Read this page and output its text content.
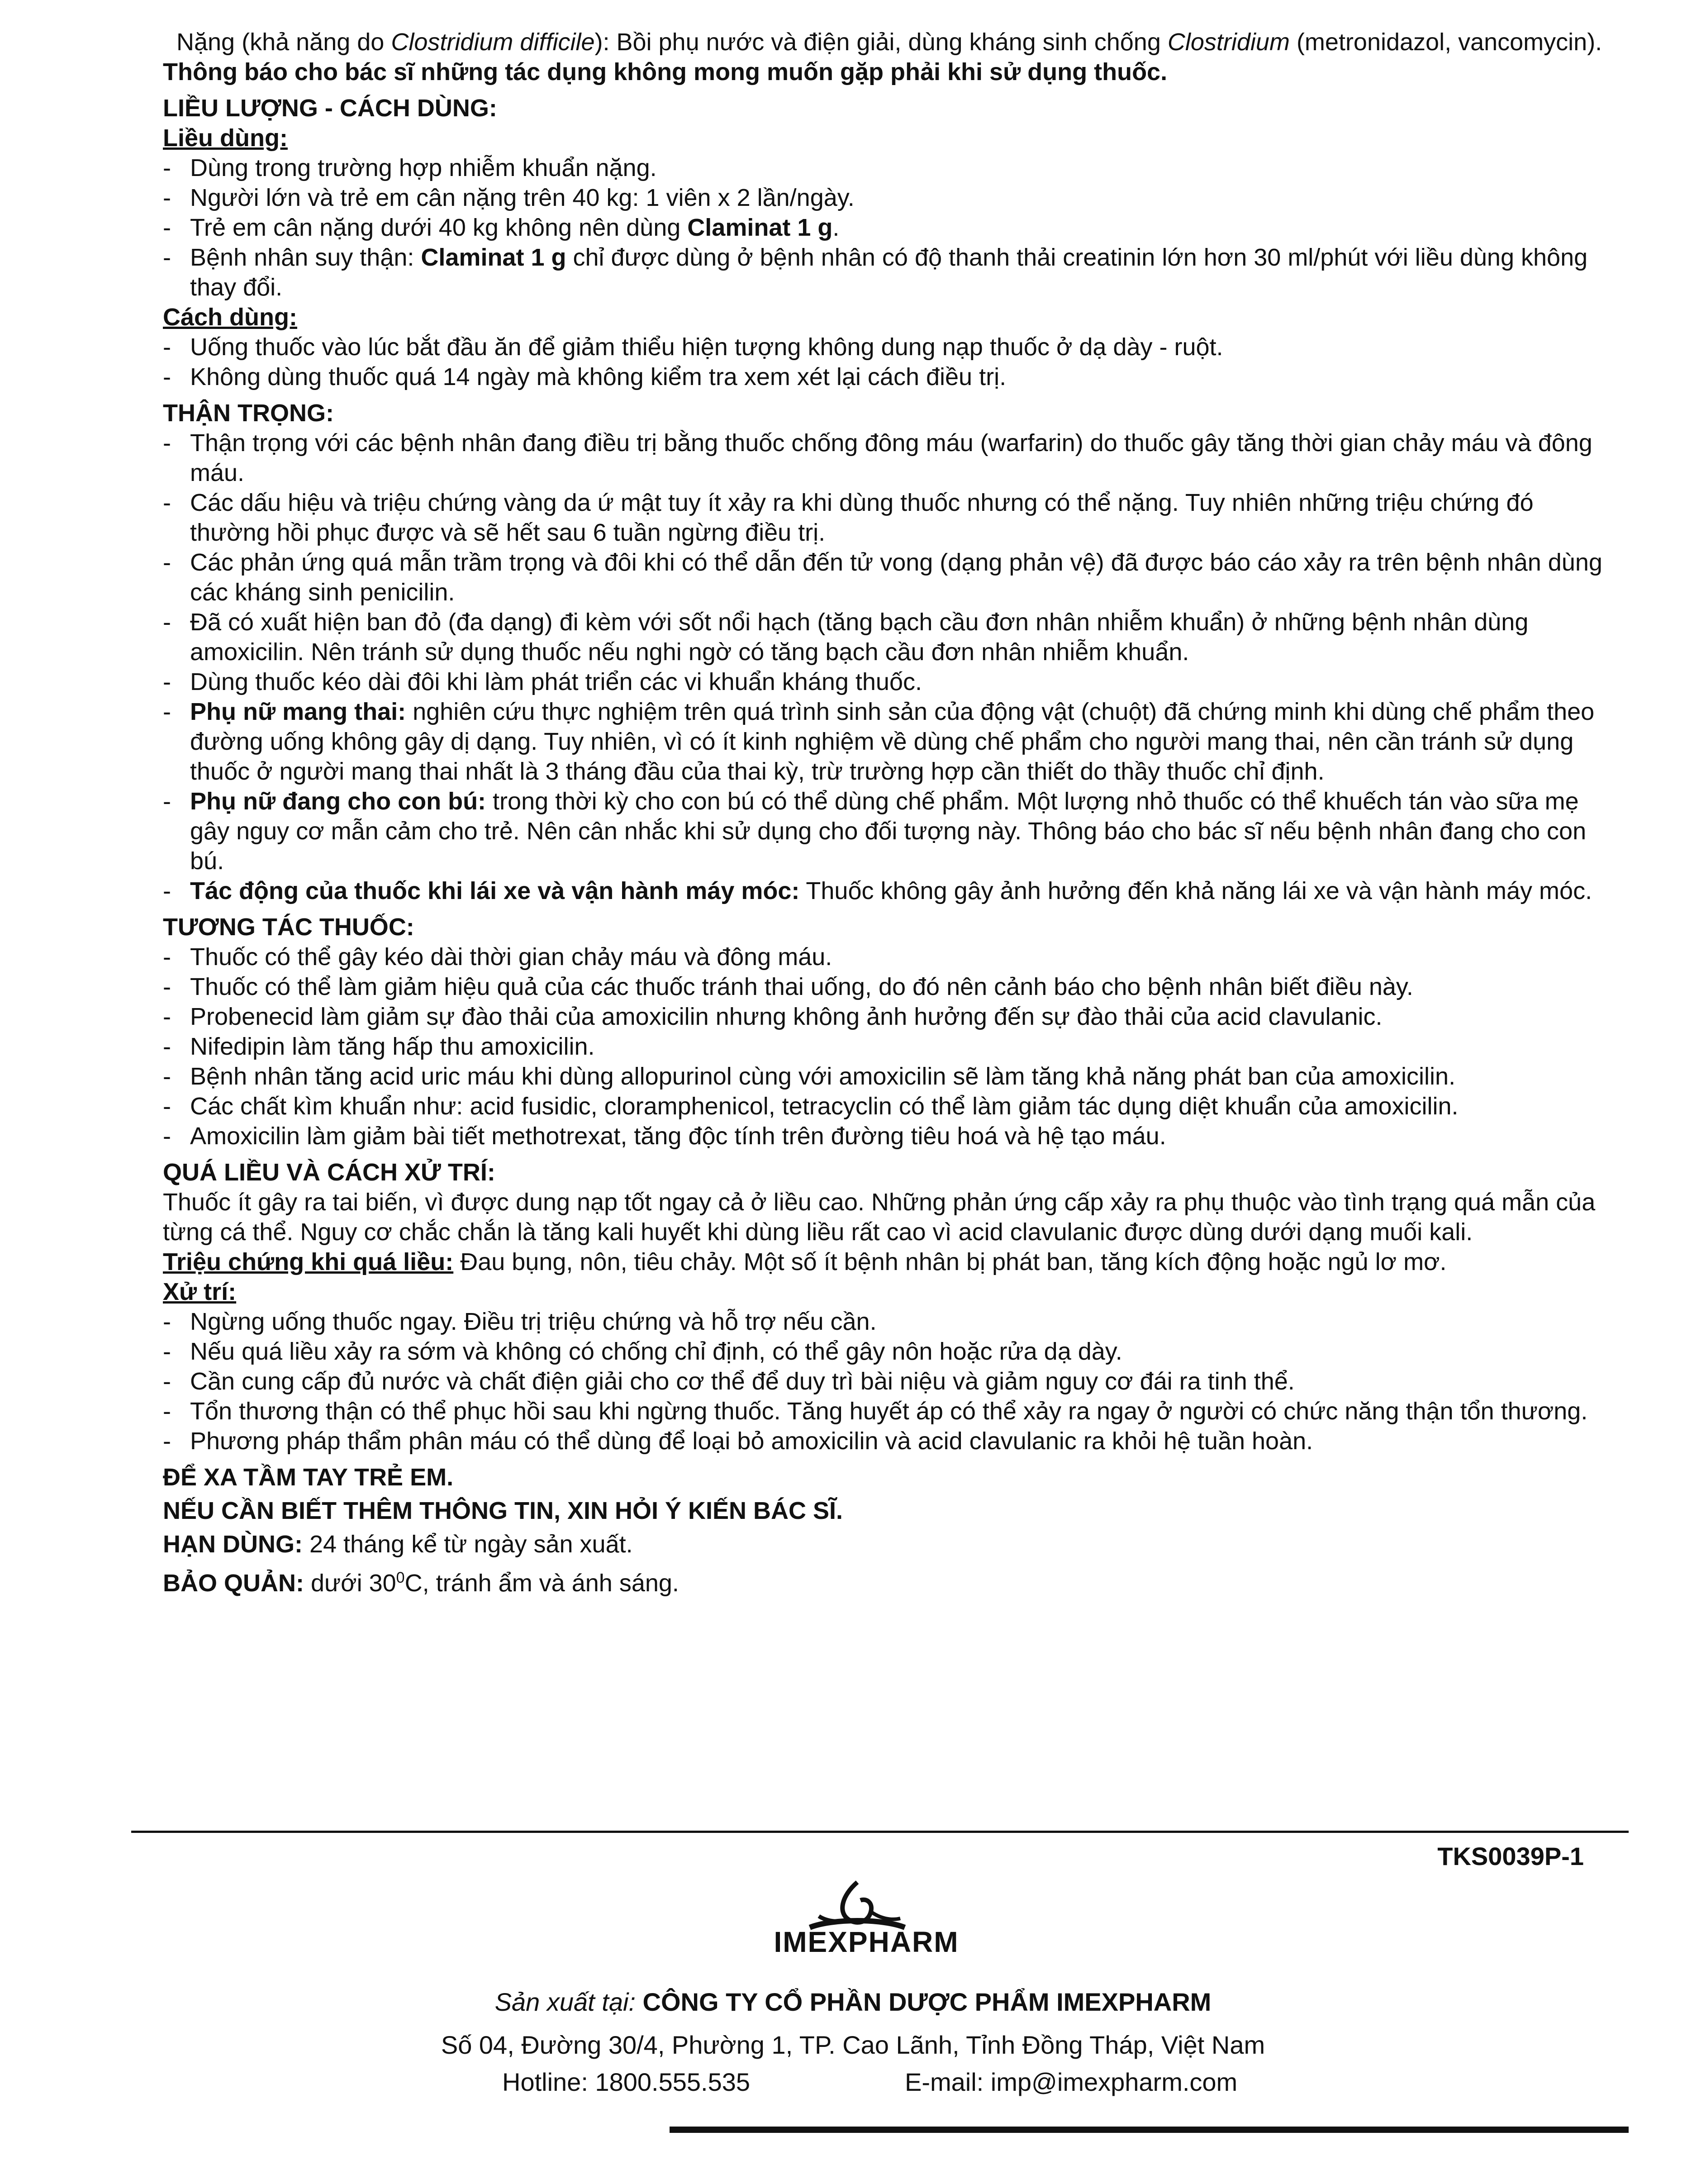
Nặng (khả năng do Clostridium difficile): Bồi phụ nước và điện giải, dùng kháng sinh chống Clostridium (metronidazol, vancomycin).

Thông báo cho bác sĩ những tác dụng không mong muốn gặp phải khi sử dụng thuốc.

LIỀU LƯỢNG - CÁCH DÙNG:

Liều dùng:

- Dùng trong trường hợp nhiễm khuẩn nặng.
- Người lớn và trẻ em cân nặng trên 40 kg: 1 viên x 2 lần/ngày.
- Trẻ em cân nặng dưới 40 kg không nên dùng Claminat 1 g.
- Bệnh nhân suy thận: Claminat 1 g chỉ được dùng ở bệnh nhân có độ thanh thải creatinin lớn hơn 30 ml/phút với liều dùng không thay đổi.

Cách dùng:

- Uống thuốc vào lúc bắt đầu ăn để giảm thiểu hiện tượng không dung nạp thuốc ở dạ dày - ruột.
- Không dùng thuốc quá 14 ngày mà không kiểm tra xem xét lại cách điều trị.

THẬN TRỌNG:

- Thận trọng với các bệnh nhân đang điều trị bằng thuốc chống đông máu (warfarin) do thuốc gây tăng thời gian chảy máu và đông máu.
- Các dấu hiệu và triệu chứng vàng da ứ mật tuy ít xảy ra khi dùng thuốc nhưng có thể nặng. Tuy nhiên những triệu chứng đó thường hồi phục được và sẽ hết sau 6 tuần ngừng điều trị.
- Các phản ứng quá mẫn trầm trọng và đôi khi có thể dẫn đến tử vong (dạng phản vệ) đã được báo cáo xảy ra trên bệnh nhân dùng các kháng sinh penicilin.
- Đã có xuất hiện ban đỏ (đa dạng) đi kèm với sốt nổi hạch (tăng bạch cầu đơn nhân nhiễm khuẩn) ở những bệnh nhân dùng amoxicilin. Nên tránh sử dụng thuốc nếu nghi ngờ có tăng bạch cầu đơn nhân nhiễm khuẩn.
- Dùng thuốc kéo dài đôi khi làm phát triển các vi khuẩn kháng thuốc.
- Phụ nữ mang thai: nghiên cứu thực nghiệm trên quá trình sinh sản của động vật (chuột) đã chứng minh khi dùng chế phẩm theo đường uống không gây dị dạng. Tuy nhiên, vì có ít kinh nghiệm về dùng chế phẩm cho người mang thai, nên cần tránh sử dụng thuốc ở người mang thai nhất là 3 tháng đầu của thai kỳ, trừ trường hợp cần thiết do thầy thuốc chỉ định.
- Phụ nữ đang cho con bú: trong thời kỳ cho con bú có thể dùng chế phẩm. Một lượng nhỏ thuốc có thể khuếch tán vào sữa mẹ gây nguy cơ mẫn cảm cho trẻ. Nên cân nhắc khi sử dụng cho đối tượng này. Thông báo cho bác sĩ nếu bệnh nhân đang cho con bú.
- Tác động của thuốc khi lái xe và vận hành máy móc: Thuốc không gây ảnh hưởng đến khả năng lái xe và vận hành máy móc.

TƯƠNG TÁC THUỐC:

- Thuốc có thể gây kéo dài thời gian chảy máu và đông máu.
- Thuốc có thể làm giảm hiệu quả của các thuốc tránh thai uống, do đó nên cảnh báo cho bệnh nhân biết điều này.
- Probenecid làm giảm sự đào thải của amoxicilin nhưng không ảnh hưởng đến sự đào thải của acid clavulanic.
- Nifedipin làm tăng hấp thu amoxicilin.
- Bệnh nhân tăng acid uric máu khi dùng allopurinol cùng với amoxicilin sẽ làm tăng khả năng phát ban của amoxicilin.
- Các chất kìm khuẩn như: acid fusidic, cloramphenicol, tetracyclin có thể làm giảm tác dụng diệt khuẩn của amoxicilin.
- Amoxicilin làm giảm bài tiết methotrexat, tăng độc tính trên đường tiêu hoá và hệ tạo máu.

QUÁ LIỀU VÀ CÁCH XỬ TRÍ:

Thuốc ít gây ra tai biến, vì được dung nạp tốt ngay cả ở liều cao. Những phản ứng cấp xảy ra phụ thuộc vào tình trạng quá mẫn của từng cá thể. Nguy cơ chắc chắn là tăng kali huyết khi dùng liều rất cao vì acid clavulanic được dùng dưới dạng muối kali.

Triệu chứng khi quá liều: Đau bụng, nôn, tiêu chảy. Một số ít bệnh nhân bị phát ban, tăng kích động hoặc ngủ lơ mơ.

Xử trí:

- Ngừng uống thuốc ngay. Điều trị triệu chứng và hỗ trợ nếu cần.
- Nếu quá liều xảy ra sớm và không có chống chỉ định, có thể gây nôn hoặc rửa dạ dày.
- Cần cung cấp đủ nước và chất điện giải cho cơ thể để duy trì bài niệu và giảm nguy cơ đái ra tinh thể.
- Tổn thương thận có thể phục hồi sau khi ngừng thuốc. Tăng huyết áp có thể xảy ra ngay ở người có chức năng thận tổn thương.
- Phương pháp thẩm phân máu có thể dùng để loại bỏ amoxicilin và acid clavulanic ra khỏi hệ tuần hoàn.

ĐỂ XA TẦM TAY TRẺ EM.

NẾU CẦN BIẾT THÊM THÔNG TIN, XIN HỎI Ý KIẾN BÁC SĨ.

HẠN DÙNG: 24 tháng kể từ ngày sản xuất.

BẢO QUẢN: dưới $30^0C$, tránh ẩm và ánh sáng.

TKS0039P-1
IMEXPHARM
Sản xuất tại: CÔNG TY CỔ PHẦN DƯỢC PHẨM IMEXPHARM
Số 04, Đường 30/4, Phường 1, TP. Cao Lãnh, Tỉnh Đồng Tháp, Việt Nam
Hotline: 1800.555.535	E-mail: imp@imexpharm.com
